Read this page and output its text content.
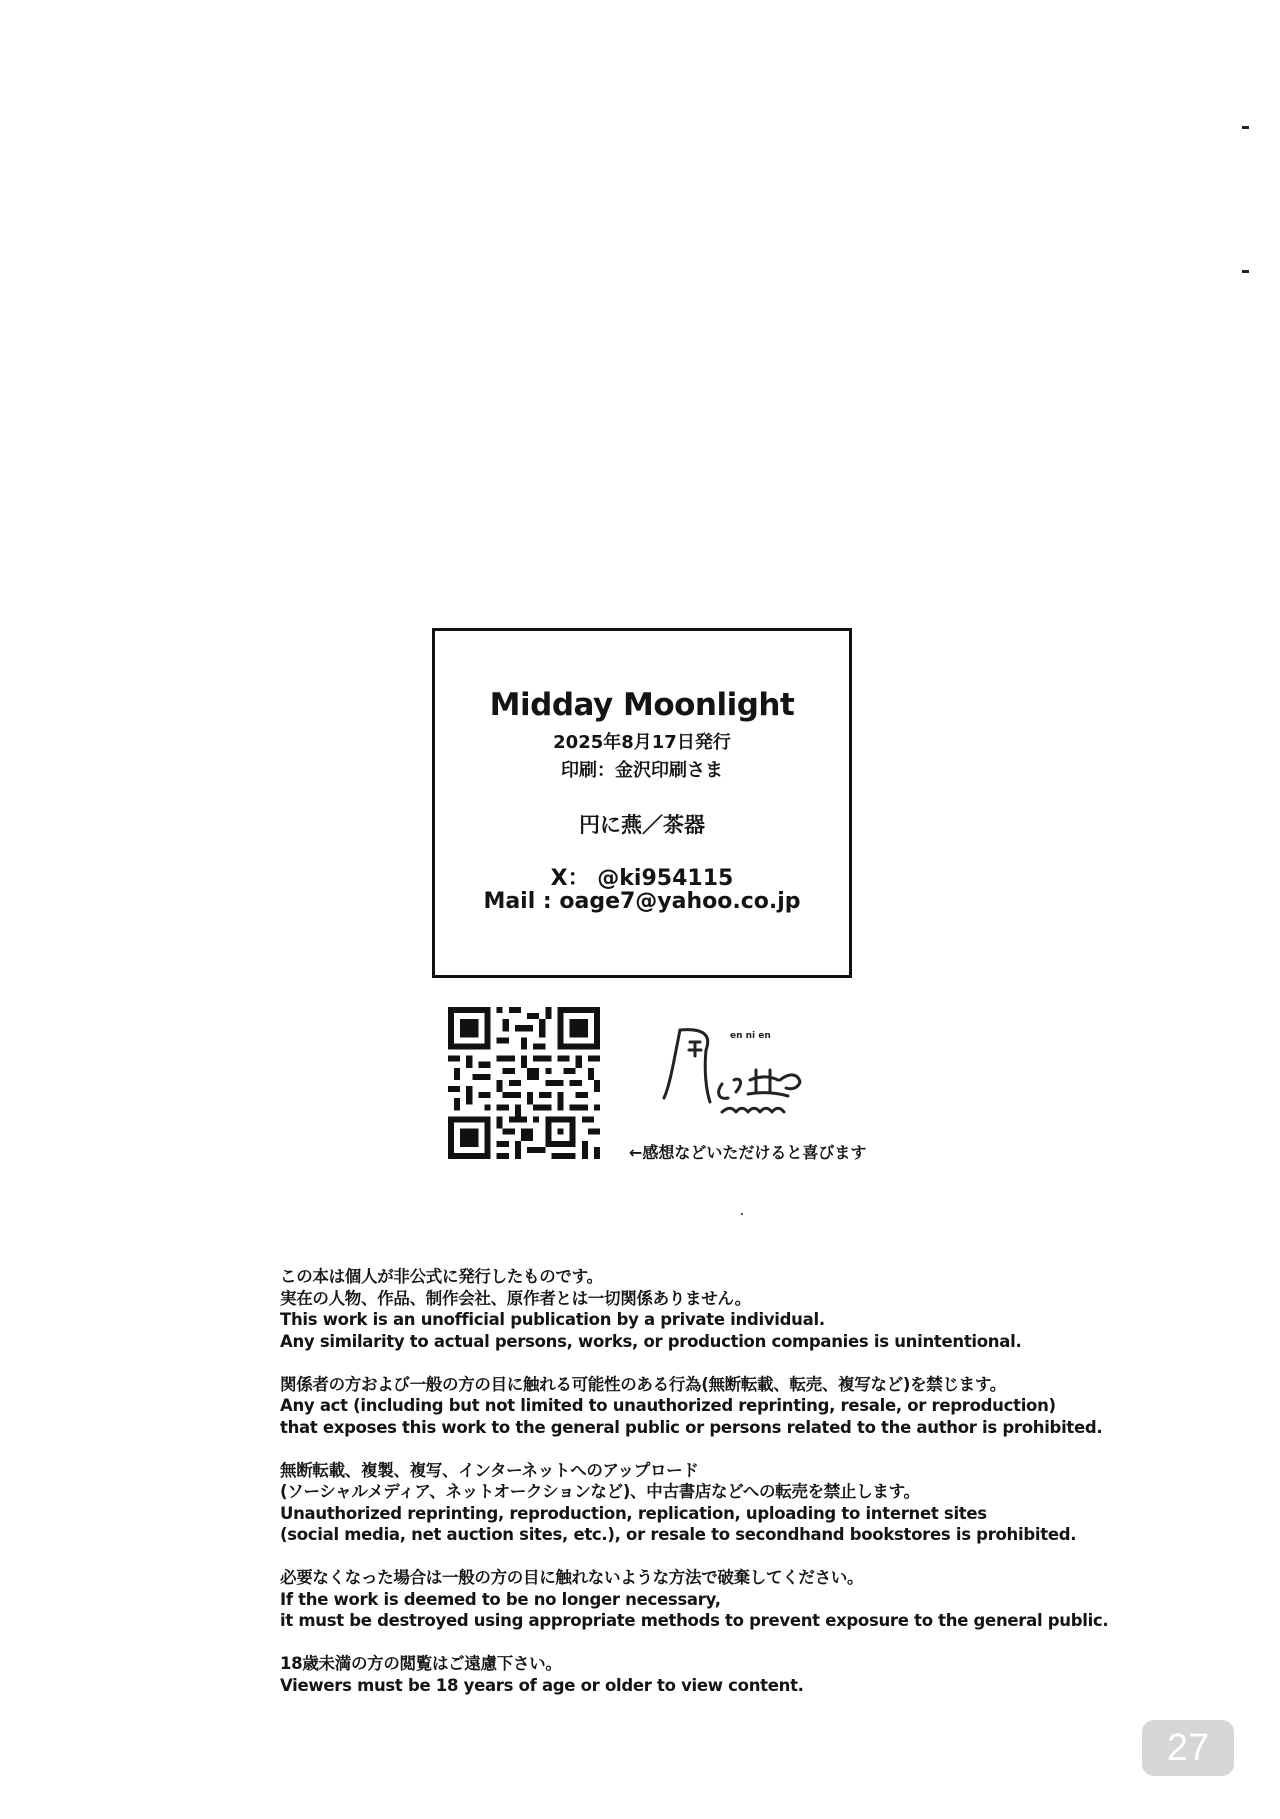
Midday Moonlight
2025年8月17日発行
印刷：金沢印刷さま
円に燕／茶器
X： @ki954115
Mail : oage7@yahoo.co.jp
en ni en
←感想などいただけると喜びます

この本は個人が非公式に発行したものです。
実在の人物、作品、制作会社、原作者とは一切関係ありません。
This work is an unofficial publication by a private individual.
Any similarity to actual persons, works, or production companies is unintentional.

関係者の方および一般の方の目に触れる可能性のある行為(無断転載、転売、複写など)を禁じます。
Any act (including but not limited to unauthorized reprinting, resale, or reproduction)
that exposes this work to the general public or persons related to the author is prohibited.

無断転載、複製、複写、インターネットへのアップロード
(ソーシャルメディア、ネットオークションなど)、中古書店などへの転売を禁止します。
Unauthorized reprinting, reproduction, replication, uploading to internet sites
(social media, net auction sites, etc.), or resale to secondhand bookstores is prohibited.

必要なくなった場合は一般の方の目に触れないような方法で破棄してください。
If the work is deemed to be no longer necessary,
it must be destroyed using appropriate methods to prevent exposure to the general public.

18歳未満の方の閲覧はご遠慮下さい。
Viewers must be 18 years of age or older to view content.

27
